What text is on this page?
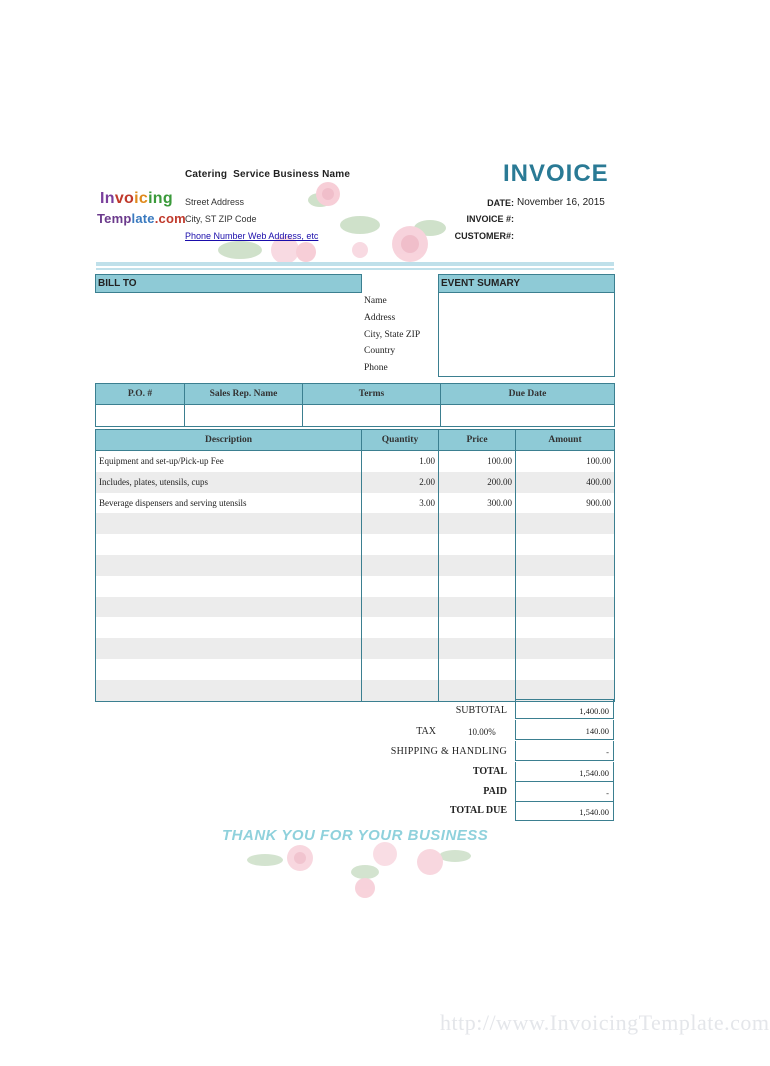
Invoicing
Template.com
Catering  Service Business Name
Street Address
City, ST ZIP Code
Phone Number Web Address, etc
INVOICE
DATE: November 16, 2015
INVOICE #:
CUSTOMER#:
BILL TO
Name
Address
City, State ZIP
Country
Phone
EVENT SUMARY
P.O. #	Sales Rep. Name	Terms	Due Date

Description	Quantity	Price	Amount
Equipment and set-up/Pick-up Fee	1.00	100.00	100.00
Includes, plates, utensils, cups	2.00	200.00	400.00
Beverage dispensers and serving utensils	3.00	300.00	900.00

SUBTOTAL	1,400.00
TAX	10.00%	140.00
SHIPPING & HANDLING	-
TOTAL	1,540.00
PAID	-
TOTAL DUE	1,540.00
THANK YOU FOR YOUR BUSINESS
http://www.InvoicingTemplate.com
